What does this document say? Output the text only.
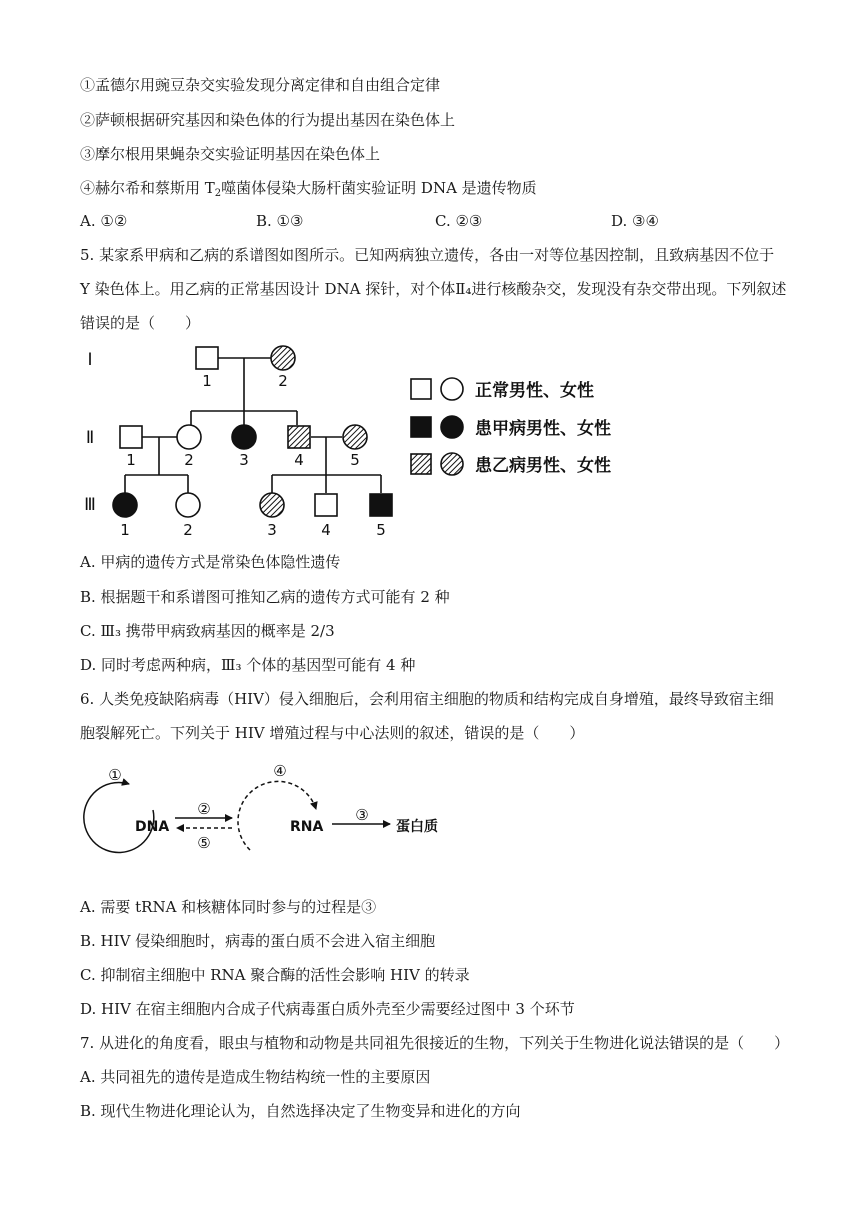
①孟德尔用豌豆杂交实验发现分离定律和自由组合定律
②萨顿根据研究基因和染色体的行为提出基因在染色体上
③摩尔根用果蝇杂交实验证明基因在染色体上
④赫尔希和蔡斯用 $T_2$噬菌体侵染大肠杆菌实验证明 DNA 是遗传物质
A. ①②	B. ①③	C. ②③	D. ③④
5. 某家系甲病和乙病的系谱图如图所示。已知两病独立遗传，各由一对等位基因控制，且致病基因不位于
Y 染色体上。用乙病的正常基因设计 DNA 探针，对个体Ⅱ₄进行核酸杂交，发现没有杂交带出现。下列叙述
错误的是（　　）
Ⅰ
Ⅱ
Ⅲ
1	2
1	2	3	4	5
1	2	3	4	5
正常男性、女性
患甲病男性、女性
患乙病男性、女性
A. 甲病的遗传方式是常染色体隐性遗传
B. 根据题干和系谱图可推知乙病的遗传方式可能有 2 种
C. Ⅲ₃ 携带甲病致病基因的概率是 2/3
D. 同时考虑两种病，Ⅲ₃ 个体的基因型可能有 4 种
6. 人类免疫缺陷病毒（HIV）侵入细胞后，会利用宿主细胞的物质和结构完成自身增殖，最终导致宿主细
胞裂解死亡。下列关于 HIV 增殖过程与中心法则的叙述，错误的是（　　）
DNA	RNA	蛋白质
①
②	③
④
⑤
A. 需要 tRNA 和核糖体同时参与的过程是③
B. HIV 侵染细胞时，病毒的蛋白质不会进入宿主细胞
C. 抑制宿主细胞中 RNA 聚合酶的活性会影响 HIV 的转录
D. HIV 在宿主细胞内合成子代病毒蛋白质外壳至少需要经过图中 3 个环节
7. 从进化的角度看，眼虫与植物和动物是共同祖先很接近的生物，下列关于生物进化说法错误的是（　　）
A. 共同祖先的遗传是造成生物结构统一性的主要原因
B. 现代生物进化理论认为，自然选择决定了生物变异和进化的方向
